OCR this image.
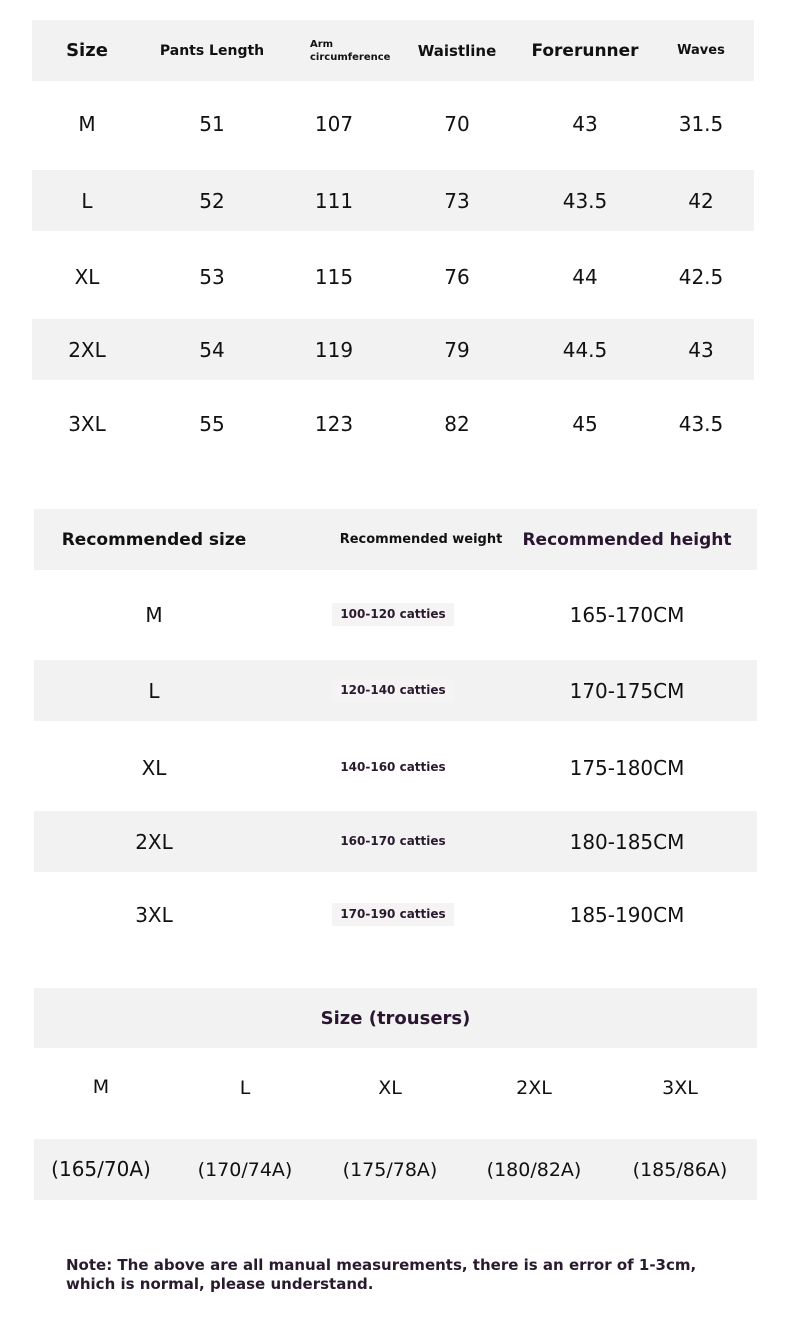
Size	Pants Length	Arm circumference	Waistline	Forerunner	Waves
M	51	107	70	43	31.5
L	52	111	73	43.5	42
XL	53	115	76	44	42.5
2XL	54	119	79	44.5	43
3XL	55	123	82	45	43.5
Recommended size	Recommended weight	Recommended height
M	100-120 catties	165-170CM
L	120-140 catties	170-175CM
XL	140-160 catties	175-180CM
2XL	160-170 catties	180-185CM
3XL	170-190 catties	185-190CM
Size (trousers)
M	L	XL	2XL	3XL
(165/70A)	(170/74A)	(175/78A)	(180/82A)	(185/86A)
Note: The above are all manual measurements, there is an error of 1-3cm, which is normal, please understand.
